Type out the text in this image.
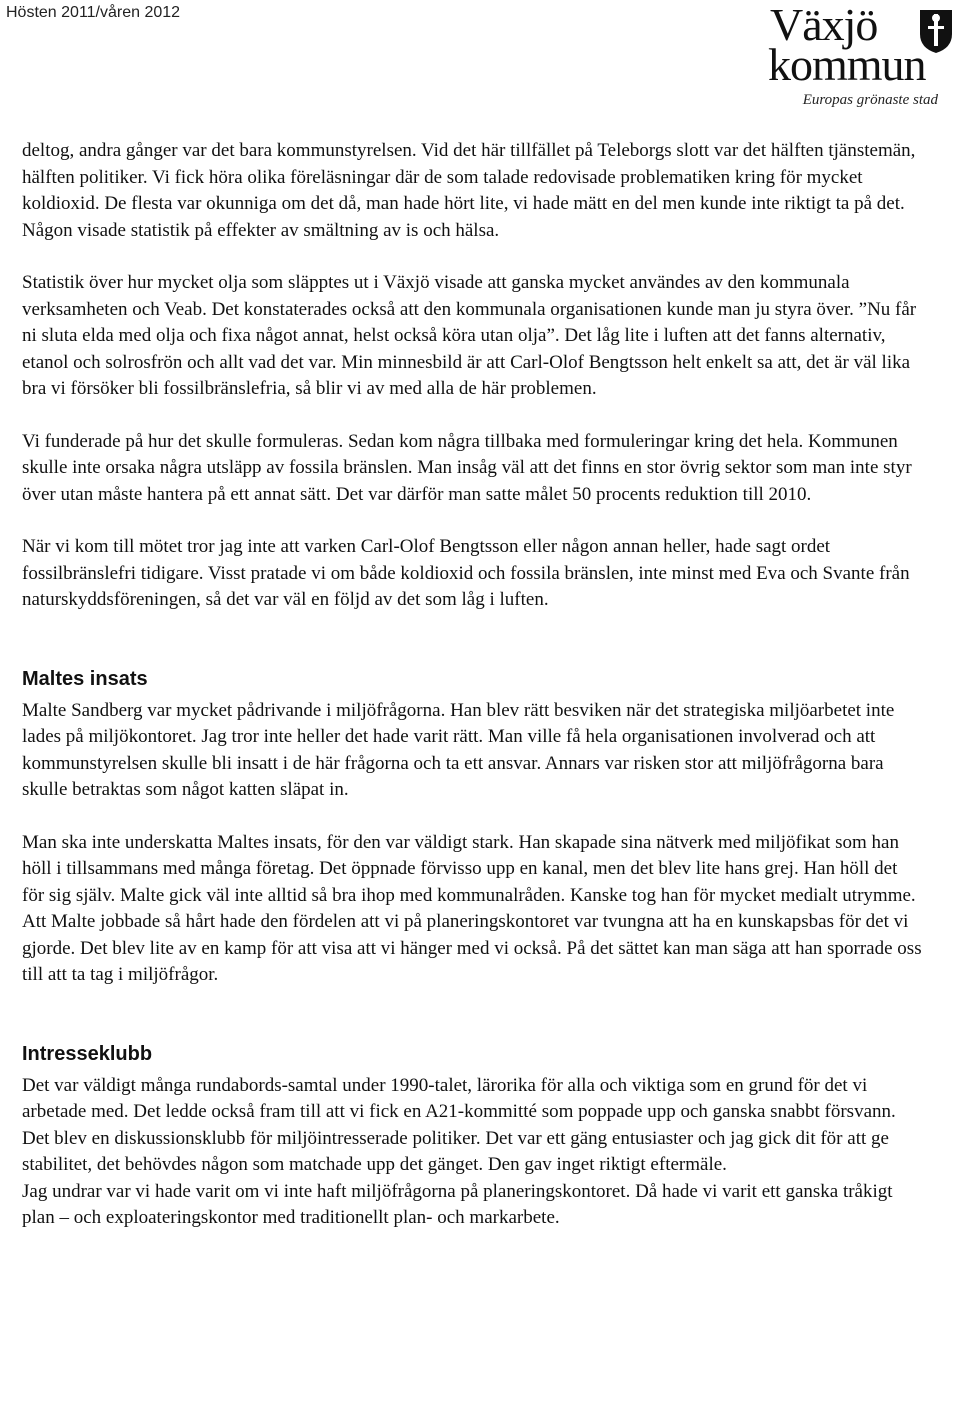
Hösten 2011/våren 2012	Växjö
kommun
Europas grönaste stad

deltog, andra gånger var det bara kommunstyrelsen. Vid det här tillfället på Teleborgs slott var det hälften tjänstemän, hälften politiker. Vi fick höra olika föreläsningar där de som talade redovisade problematiken kring för mycket koldioxid. De flesta var okunniga om det då, man hade hört lite, vi hade mätt en del men kunde inte riktigt ta på det. Någon visade statistik på effekter av smältning av is och hälsa.

Statistik över hur mycket olja som släpptes ut i Växjö visade att ganska mycket användes av den kommunala verksamheten och Veab. Det konstaterades också att den kommunala organisationen kunde man ju styra över. ”Nu får ni sluta elda med olja och fixa något annat, helst också köra utan olja”. Det låg lite i luften att det fanns alternativ, etanol och solrosfrön och allt vad det var. Min minnesbild är att Carl-Olof Bengtsson helt enkelt sa att, det är väl lika bra vi försöker bli fossilbränslefria, så blir vi av med alla de här problemen.

Vi funderade på hur det skulle formuleras. Sedan kom några tillbaka med formuleringar kring det hela. Kommunen skulle inte orsaka några utsläpp av fossila bränslen. Man insåg väl att det finns en stor övrig sektor som man inte styr över utan måste hantera på ett annat sätt. Det var därför man satte målet 50 procents reduktion till 2010.

När vi kom till mötet tror jag inte att varken Carl-Olof Bengtsson eller någon annan heller, hade sagt ordet fossilbränslefri tidigare. Visst pratade vi om både koldioxid och fossila bränslen, inte minst med Eva och Svante från naturskyddsföreningen, så det var väl en följd av det som låg i luften.

Maltes insats

Malte Sandberg var mycket pådrivande i miljöfrågorna. Han blev rätt besviken när det strategiska miljöarbetet inte lades på miljökontoret. Jag tror inte heller det hade varit rätt. Man ville få hela organisationen involverad och att kommunstyrelsen skulle bli insatt i de här frågorna och ta ett ansvar. Annars var risken stor att miljöfrågorna bara skulle betraktas som något katten släpat in.

Man ska inte underskatta Maltes insats, för den var väldigt stark. Han skapade sina nätverk med miljöfikat som han höll i tillsammans med många företag. Det öppnade förvisso upp en kanal, men det blev lite hans grej. Han höll det för sig själv. Malte gick väl inte alltid så bra ihop med kommunalråden. Kanske tog han för mycket medialt utrymme. Att Malte jobbade så hårt hade den fördelen att vi på planeringskontoret var tvungna att ha en kunskapsbas för det vi gjorde. Det blev lite av en kamp för att visa att vi hänger med vi också. På det sättet kan man säga att han sporrade oss till att ta tag i miljöfrågor.

Intresseklubb

Det var väldigt många rundabords-samtal under 1990-talet, lärorika för alla och viktiga som en grund för det vi arbetade med. Det ledde också fram till att vi fick en A21-kommitté som poppade upp och ganska snabbt försvann. Det blev en diskussionsklubb för miljöintresserade politiker. Det var ett gäng entusiaster och jag gick dit för att ge stabilitet, det behövdes någon som matchade upp det gänget. Den gav inget riktigt eftermäle.

Jag undrar var vi hade varit om vi inte haft miljöfrågorna på planeringskontoret. Då hade vi varit ett ganska tråkigt plan – och exploateringskontor med traditionellt plan- och markarbete.
